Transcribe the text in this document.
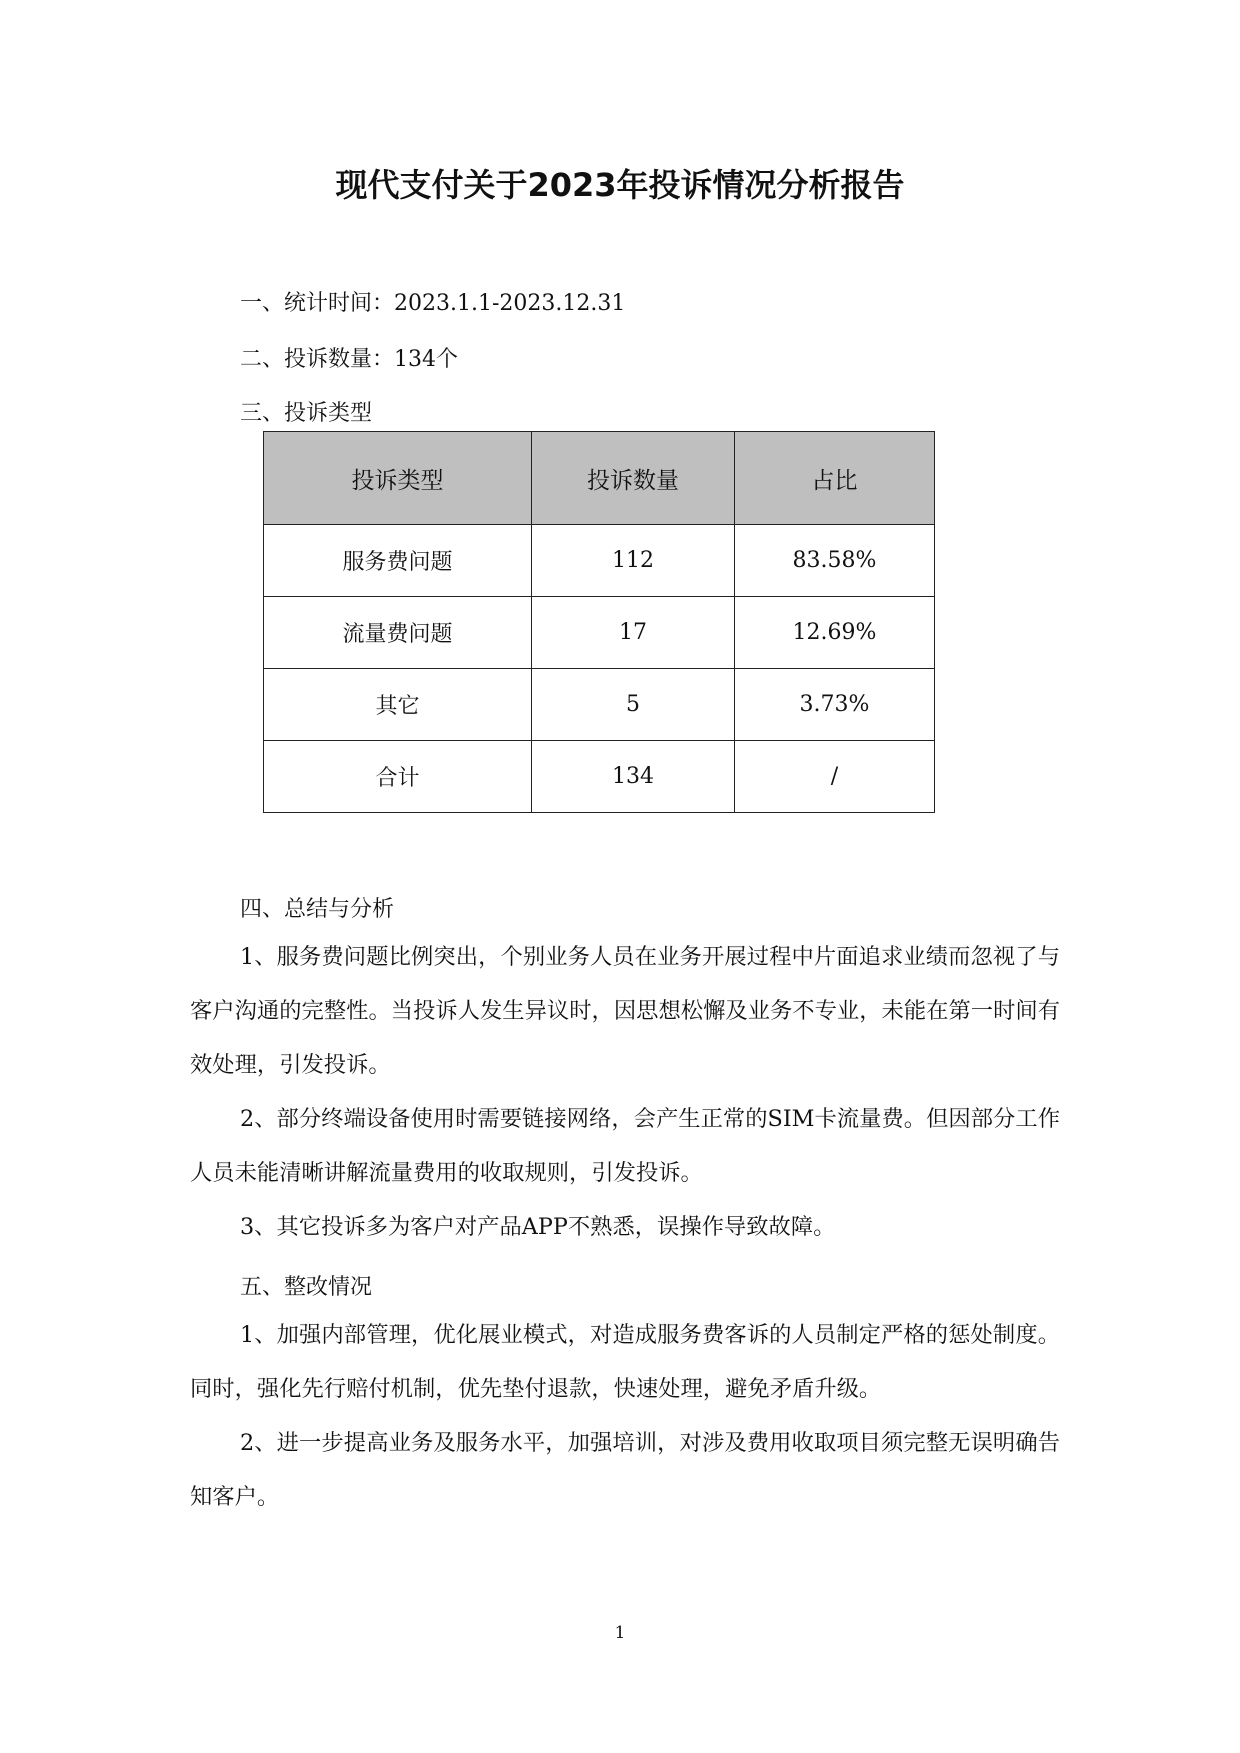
现代支付关于2023年投诉情况分析报告
一、统计时间：2023.1.1-2023.12.31
二、投诉数量：134个
三、投诉类型
投诉类型	投诉数量	占比
服务费问题	112	83.58%
流量费问题	17	12.69%
其它	5	3.73%
合计	134	/
四、总结与分析
1、服务费问题比例突出，个别业务人员在业务开展过程中片面追求业绩而忽视了与客户沟通的完整性。当投诉人发生异议时，因思想松懈及业务不专业，未能在第一时间有效处理，引发投诉。
2、部分终端设备使用时需要链接网络，会产生正常的SIM卡流量费。但因部分工作人员未能清晰讲解流量费用的收取规则，引发投诉。
3、其它投诉多为客户对产品APP不熟悉，误操作导致故障。
五、整改情况
1、加强内部管理，优化展业模式，对造成服务费客诉的人员制定严格的惩处制度。同时，强化先行赔付机制，优先垫付退款，快速处理，避免矛盾升级。
2、进一步提高业务及服务水平，加强培训，对涉及费用收取项目须完整无误明确告知客户。
1
